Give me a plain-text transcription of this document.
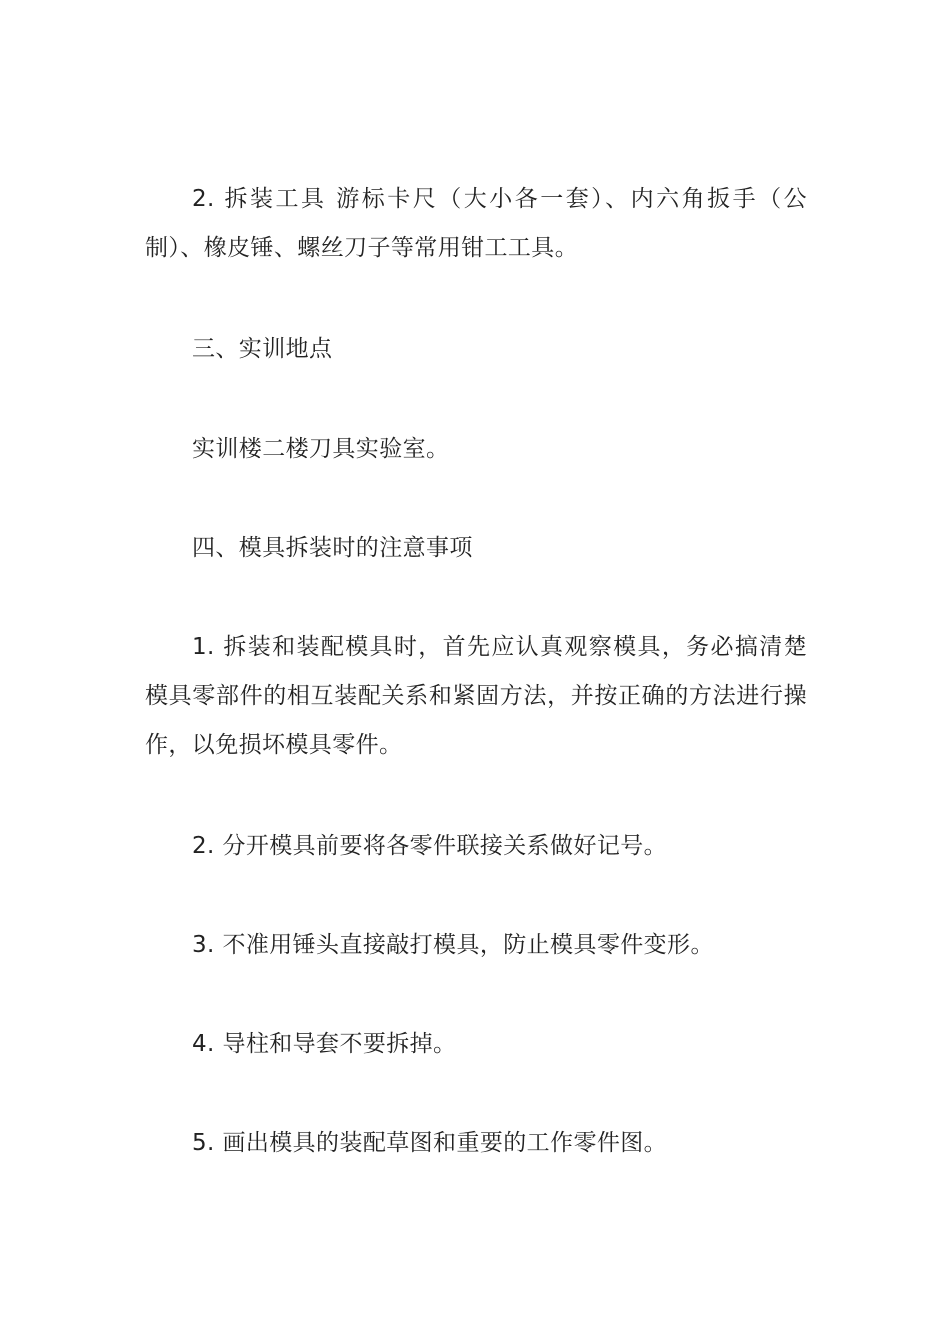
2. 拆装工具 游标卡尺（大小各一套）、内六角扳手（公制）、橡皮锤、螺丝刀子等常用钳工工具。

三、实训地点

实训楼二楼刀具实验室。

四、模具拆装时的注意事项

1. 拆装和装配模具时，首先应认真观察模具，务必搞清楚模具零部件的相互装配关系和紧固方法，并按正确的方法进行操作，以免损坏模具零件。

2. 分开模具前要将各零件联接关系做好记号。

3. 不准用锤头直接敲打模具，防止模具零件变形。

4. 导柱和导套不要拆掉。

5. 画出模具的装配草图和重要的工作零件图。
